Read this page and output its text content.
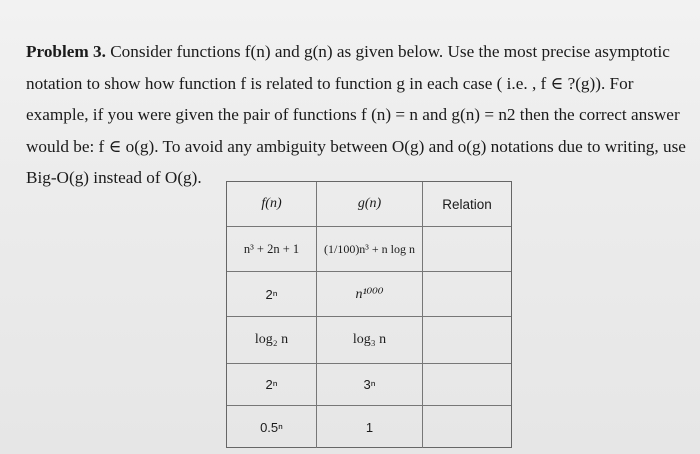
Problem 3. Consider functions f(n) and g(n) as given below. Use the most precise asymptotic
notation to show how function f is related to function g in each case ( i.e. , f ∈ ?(g)). For
example, if you were given the pair of functions f (n) = n and g(n) = n2 then the correct answer
would be: f ∈ o(g). To avoid any ambiguity between O(g) and o(g) notations due to writing, use
Big-O(g) instead of O(g).
f(n)	g(n)	Relation
n³ + 2n + 1	(1/100)n³ + n log n
2ⁿ	n¹⁰⁰⁰
log₂ n	log₃ n
2ⁿ	3ⁿ
0.5ⁿ	1
